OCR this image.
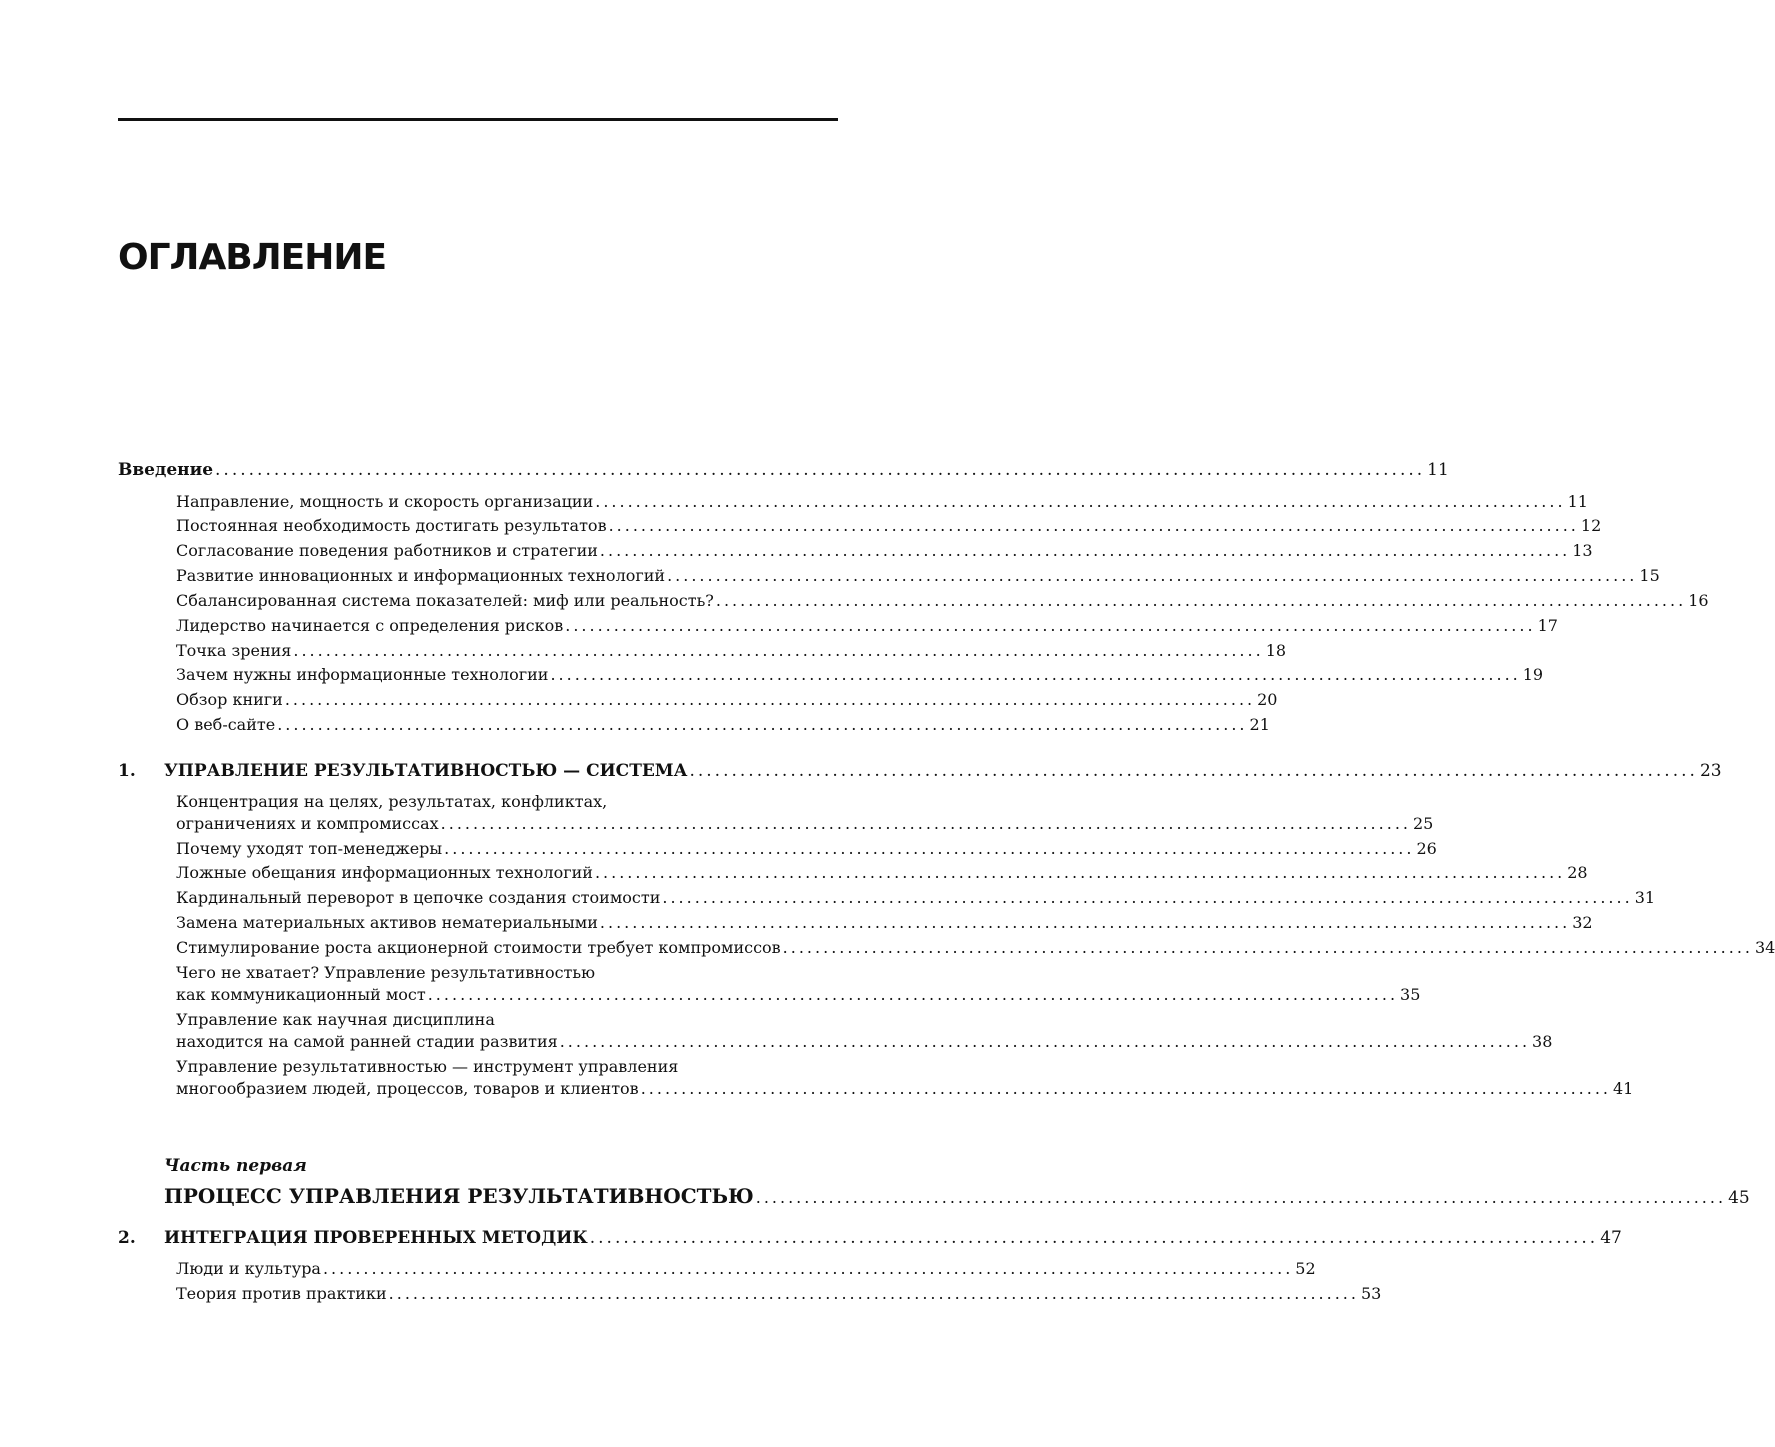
ОГЛАВЛЕНИЕ
Введение ................................................................................................................................................ 11
Направление, мощность и скорость организации ........................................................................................................................ 11
Постоянная необходимость достигать результатов ........................................................................................................................ 12
Согласование поведения работников и стратегии ........................................................................................................................ 13
Развитие инновационных и информационных технологий ........................................................................................................................ 15
Сбалансированная система показателей: миф или реальность? ........................................................................................................................ 16
Лидерство начинается с определения рисков ........................................................................................................................ 17
Точка зрения ........................................................................................................................ 18
Зачем нужны информационные технологии ........................................................................................................................ 19
Обзор книги ........................................................................................................................ 20
О веб-сайте ........................................................................................................................ 21
1. УПРАВЛЕНИЕ РЕЗУЛЬТАТИВНОСТЬЮ — СИСТЕМА ........................................................................................................................ 23
Концентрация на целях, результатах, конфликтах,
ограничениях и компромиссах ........................................................................................................................ 25
Почему уходят топ-менеджеры ........................................................................................................................ 26
Ложные обещания информационных технологий ........................................................................................................................ 28
Кардинальный переворот в цепочке создания стоимости ........................................................................................................................ 31
Замена материальных активов нематериальными ........................................................................................................................ 32
Стимулирование роста акционерной стоимости требует компромиссов ........................................................................................................................ 34
Чего не хватает? Управление результативностью
как коммуникационный мост ........................................................................................................................ 35
Управление как научная дисциплина
находится на самой ранней стадии развития ........................................................................................................................ 38
Управление результативностью — инструмент управления
многообразием людей, процессов, товаров и клиентов ........................................................................................................................ 41
Часть первая
ПРОЦЕСС УПРАВЛЕНИЯ РЕЗУЛЬТАТИВНОСТЬЮ ........................................................................................................................ 45
2. ИНТЕГРАЦИЯ ПРОВЕРЕННЫХ МЕТОДИК ........................................................................................................................ 47
Люди и культура ........................................................................................................................ 52
Теория против практики ........................................................................................................................ 53
